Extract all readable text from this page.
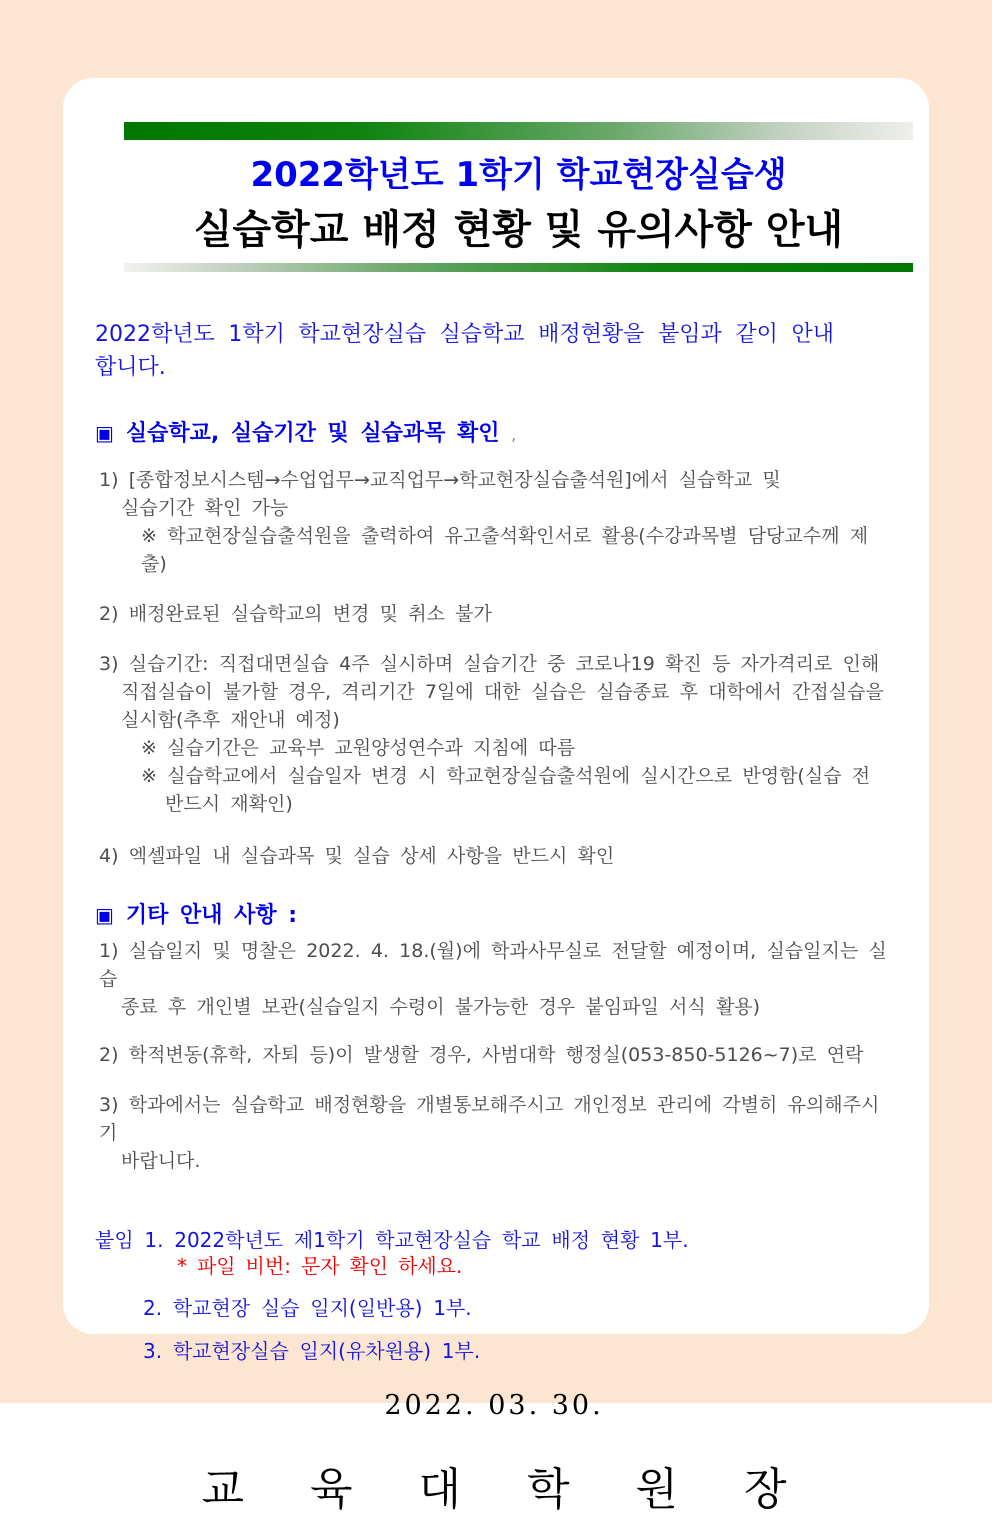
2022학년도 1학기 학교현장실습생
실습학교 배정 현황 및 유의사항 안내
2022학년도 1학기 학교현장실습 실습학교 배정현황을 붙임과 같이 안내
합니다.
▣ 실습학교, 실습기간 및 실습과목 확인 ,
1) [종합정보시스템→수업업무→교직업무→학교현장실습출석원]에서 실습학교 및
실습기간 확인 가능
※ 학교현장실습출석원을 출력하여 유고출석확인서로 활용(수강과목별 담당교수께 제출)
2) 배정완료된 실습학교의 변경 및 취소 불가
3) 실습기간: 직접대면실습 4주 실시하며 실습기간 중 코로나19 확진 등 자가격리로 인해
직접실습이 불가할 경우, 격리기간 7일에 대한 실습은 실습종료 후 대학에서 간접실습을
실시함(추후 재안내 예정)
※ 실습기간은 교육부 교원양성연수과 지침에 따름
※ 실습학교에서 실습일자 변경 시 학교현장실습출석원에 실시간으로 반영함(실습 전
반드시 재확인)
4) 엑셀파일 내 실습과목 및 실습 상세 사항을 반드시 확인
▣ 기타 안내 사항 :
1) 실습일지 및 명찰은 2022. 4. 18.(월)에 학과사무실로 전달할 예정이며, 실습일지는 실습
종료 후 개인별 보관(실습일지 수령이 불가능한 경우 붙임파일 서식 활용)
2) 학적변동(휴학, 자퇴 등)이 발생할 경우, 사범대학 행정실(053-850-5126~7)로 연락
3) 학과에서는 실습학교 배정현황을 개별통보해주시고 개인정보 관리에 각별히 유의해주시기
바랍니다.
붙임 1. 2022학년도 제1학기 학교현장실습 학교 배정 현황 1부.
* 파일 비번: 문자 확인 하세요.
2. 학교현장 실습 일지(일반용) 1부.
3. 학교현장실습 일지(유차원용) 1부.
2022. 03. 30.
교 육 대 학 원 장
